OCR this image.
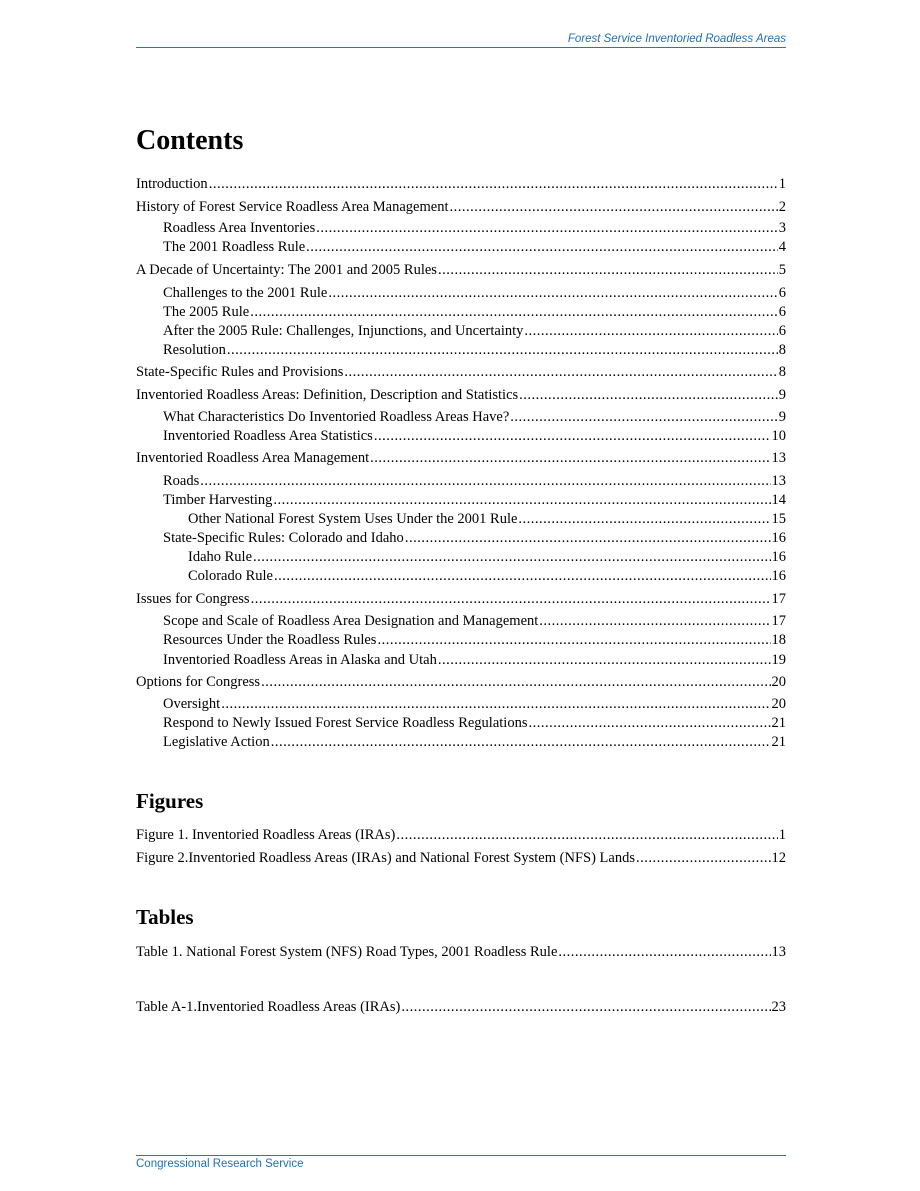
Forest Service Inventoried Roadless Areas
Contents
Introduction .....	1
History of Forest Service Roadless Area Management .....	2
Roadless Area Inventories .....	3
The 2001 Roadless Rule .....	4
A Decade of Uncertainty: The 2001 and 2005 Rules .....	5
Challenges to the 2001 Rule .....	6
The 2005 Rule .....	6
After the 2005 Rule: Challenges, Injunctions, and Uncertainty .....	6
Resolution .....	8
State-Specific Rules and Provisions .....	8
Inventoried Roadless Areas: Definition, Description and Statistics .....	9
What Characteristics Do Inventoried Roadless Areas Have? .....	9
Inventoried Roadless Area Statistics .....	10
Inventoried Roadless Area Management .....	13
Roads .....	13
Timber Harvesting .....	14
Other National Forest System Uses Under the 2001 Rule .....	15
State-Specific Rules: Colorado and Idaho .....	16
Idaho Rule .....	16
Colorado Rule .....	16
Issues for Congress .....	17
Scope and Scale of Roadless Area Designation and Management .....	17
Resources Under the Roadless Rules .....	18
Inventoried Roadless Areas in Alaska and Utah .....	19
Options for Congress .....	20
Oversight .....	20
Respond to Newly Issued Forest Service Roadless Regulations .....	21
Legislative Action .....	21
Figures
Figure 1. Inventoried Roadless Areas (IRAs) .....	1
Figure 2.Inventoried Roadless Areas (IRAs) and National Forest System (NFS) Lands .....	12
Tables
Table 1. National Forest System (NFS) Road Types, 2001 Roadless Rule .....	13
Table A-1.Inventoried Roadless Areas (IRAs) .....	23
Congressional Research Service
